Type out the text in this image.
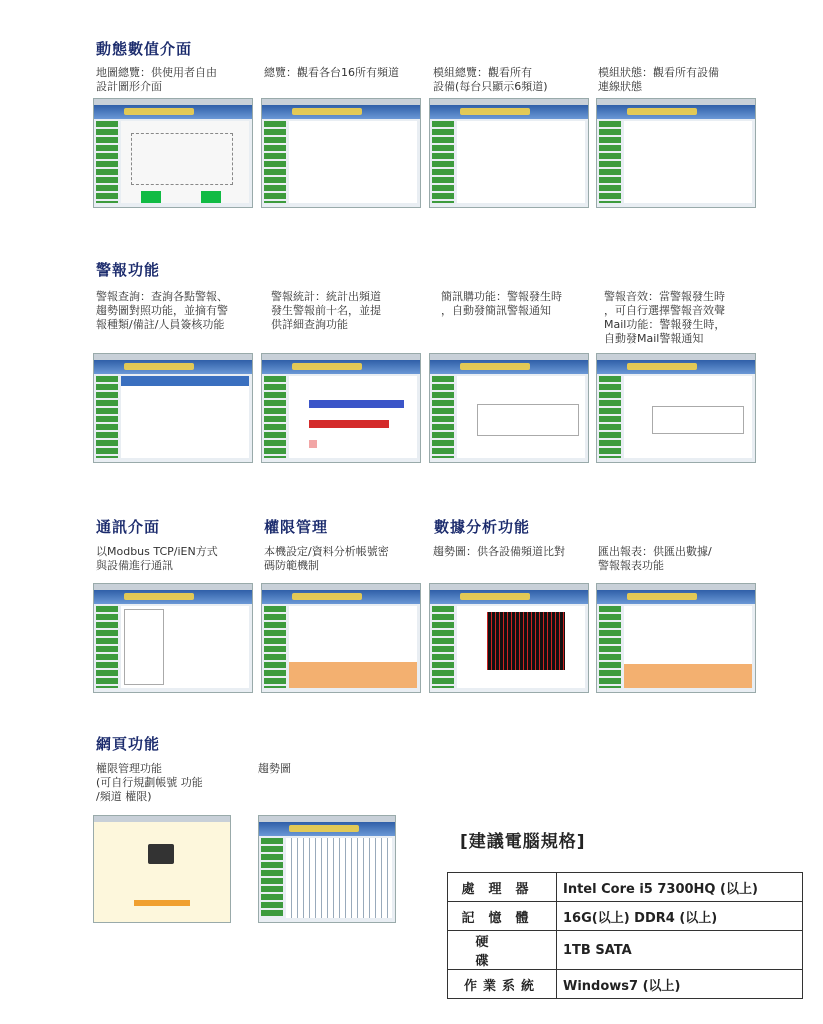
動態數值介面
地圖總覽：供使用者自由
設計圖形介面
總覽：觀看各台16所有頻道	模組總覽：觀看所有
設備(每台只顯示6頻道)
模組狀態：觀看所有設備
連線狀態
警報功能
警報查詢：查詢各點警報、
趨勢圖對照功能，並摘有警
報種類/備註/人員簽核功能
警報統計：統計出頻道
發生警報前十名，並提
供詳細查詢功能
簡訊購功能：警報發生時
，自動發簡訊警報通知
警報音效：當警報發生時
，可自行選擇警報音效聲
Mail功能：警報發生時，
自動發Mail警報通知
通訊介面	權限管理	數據分析功能
以Modbus TCP/iEN方式
與設備進行通訊
本機設定/資料分析帳號密
碼防範機制
趨勢圖：供各設備頻道比對	匯出報表：供匯出數據/
警報報表功能
網頁功能
權限管理功能
(可自行規劃帳號 功能
/頻道 權限)
趨勢圖
[建議電腦規格]
處理器	Intel Core i5 7300HQ (以上)
記憶體	16G(以上) DDR4 (以上)
硬碟	1TB SATA
作業系統	Windows7 (以上)
